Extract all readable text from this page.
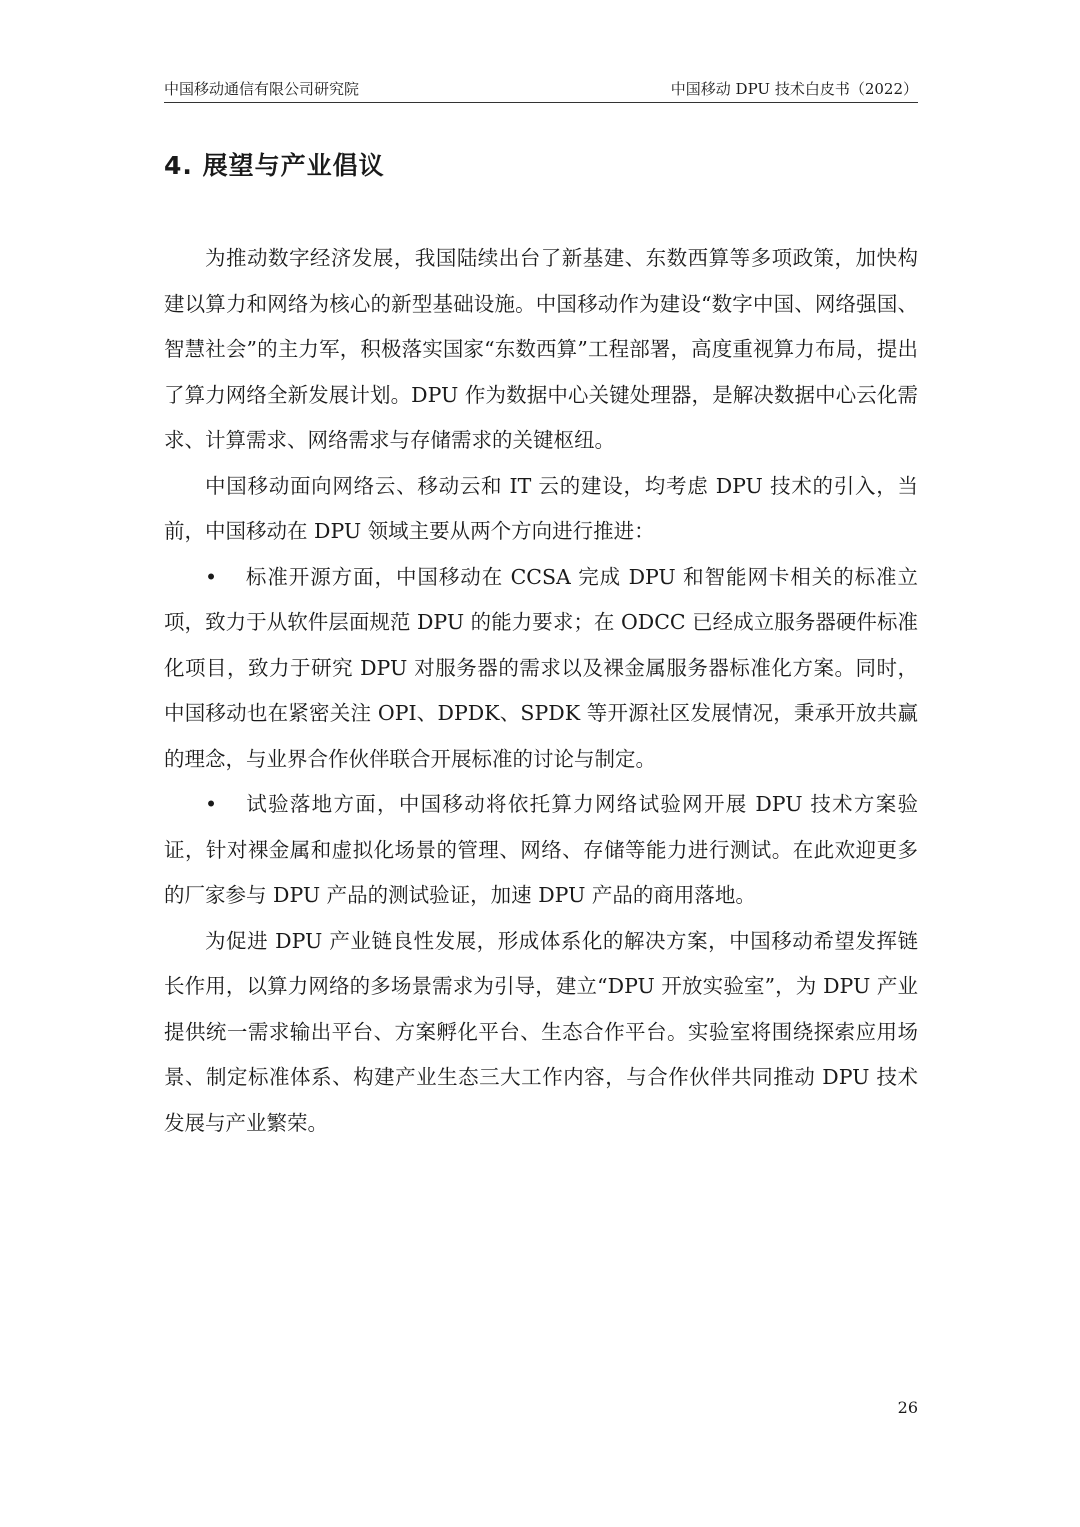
中国移动通信有限公司研究院	中国移动 DPU 技术白皮书（2022）
4. 展望与产业倡议

为推动数字经济发展，我国陆续出台了新基建、东数西算等多项政策，加快构建以算力和网络为核心的新型基础设施。中国移动作为建设“数字中国、网络强国、智慧社会”的主力军，积极落实国家“东数西算”工程部署，高度重视算力布局，提出了算力网络全新发展计划。DPU 作为数据中心关键处理器，是解决数据中心云化需求、计算需求、网络需求与存储需求的关键枢纽。

中国移动面向网络云、移动云和 IT 云的建设，均考虑 DPU 技术的引入，当前，中国移动在 DPU 领域主要从两个方向进行推进：

• 标准开源方面，中国移动在 CCSA 完成 DPU 和智能网卡相关的标准立项，致力于从软件层面规范 DPU 的能力要求；在 ODCC 已经成立服务器硬件标准化项目，致力于研究 DPU 对服务器的需求以及裸金属服务器标准化方案。同时，中国移动也在紧密关注 OPI、DPDK、SPDK 等开源社区发展情况，秉承开放共赢的理念，与业界合作伙伴联合开展标准的讨论与制定。

• 试验落地方面，中国移动将依托算力网络试验网开展 DPU 技术方案验证，针对裸金属和虚拟化场景的管理、网络、存储等能力进行测试。在此欢迎更多的厂家参与 DPU 产品的测试验证，加速 DPU 产品的商用落地。

为促进 DPU 产业链良性发展，形成体系化的解决方案，中国移动希望发挥链长作用，以算力网络的多场景需求为引导，建立“DPU 开放实验室”，为 DPU 产业提供统一需求输出平台、方案孵化平台、生态合作平台。实验室将围绕探索应用场景、制定标准体系、构建产业生态三大工作内容，与合作伙伴共同推动 DPU 技术发展与产业繁荣。

26
